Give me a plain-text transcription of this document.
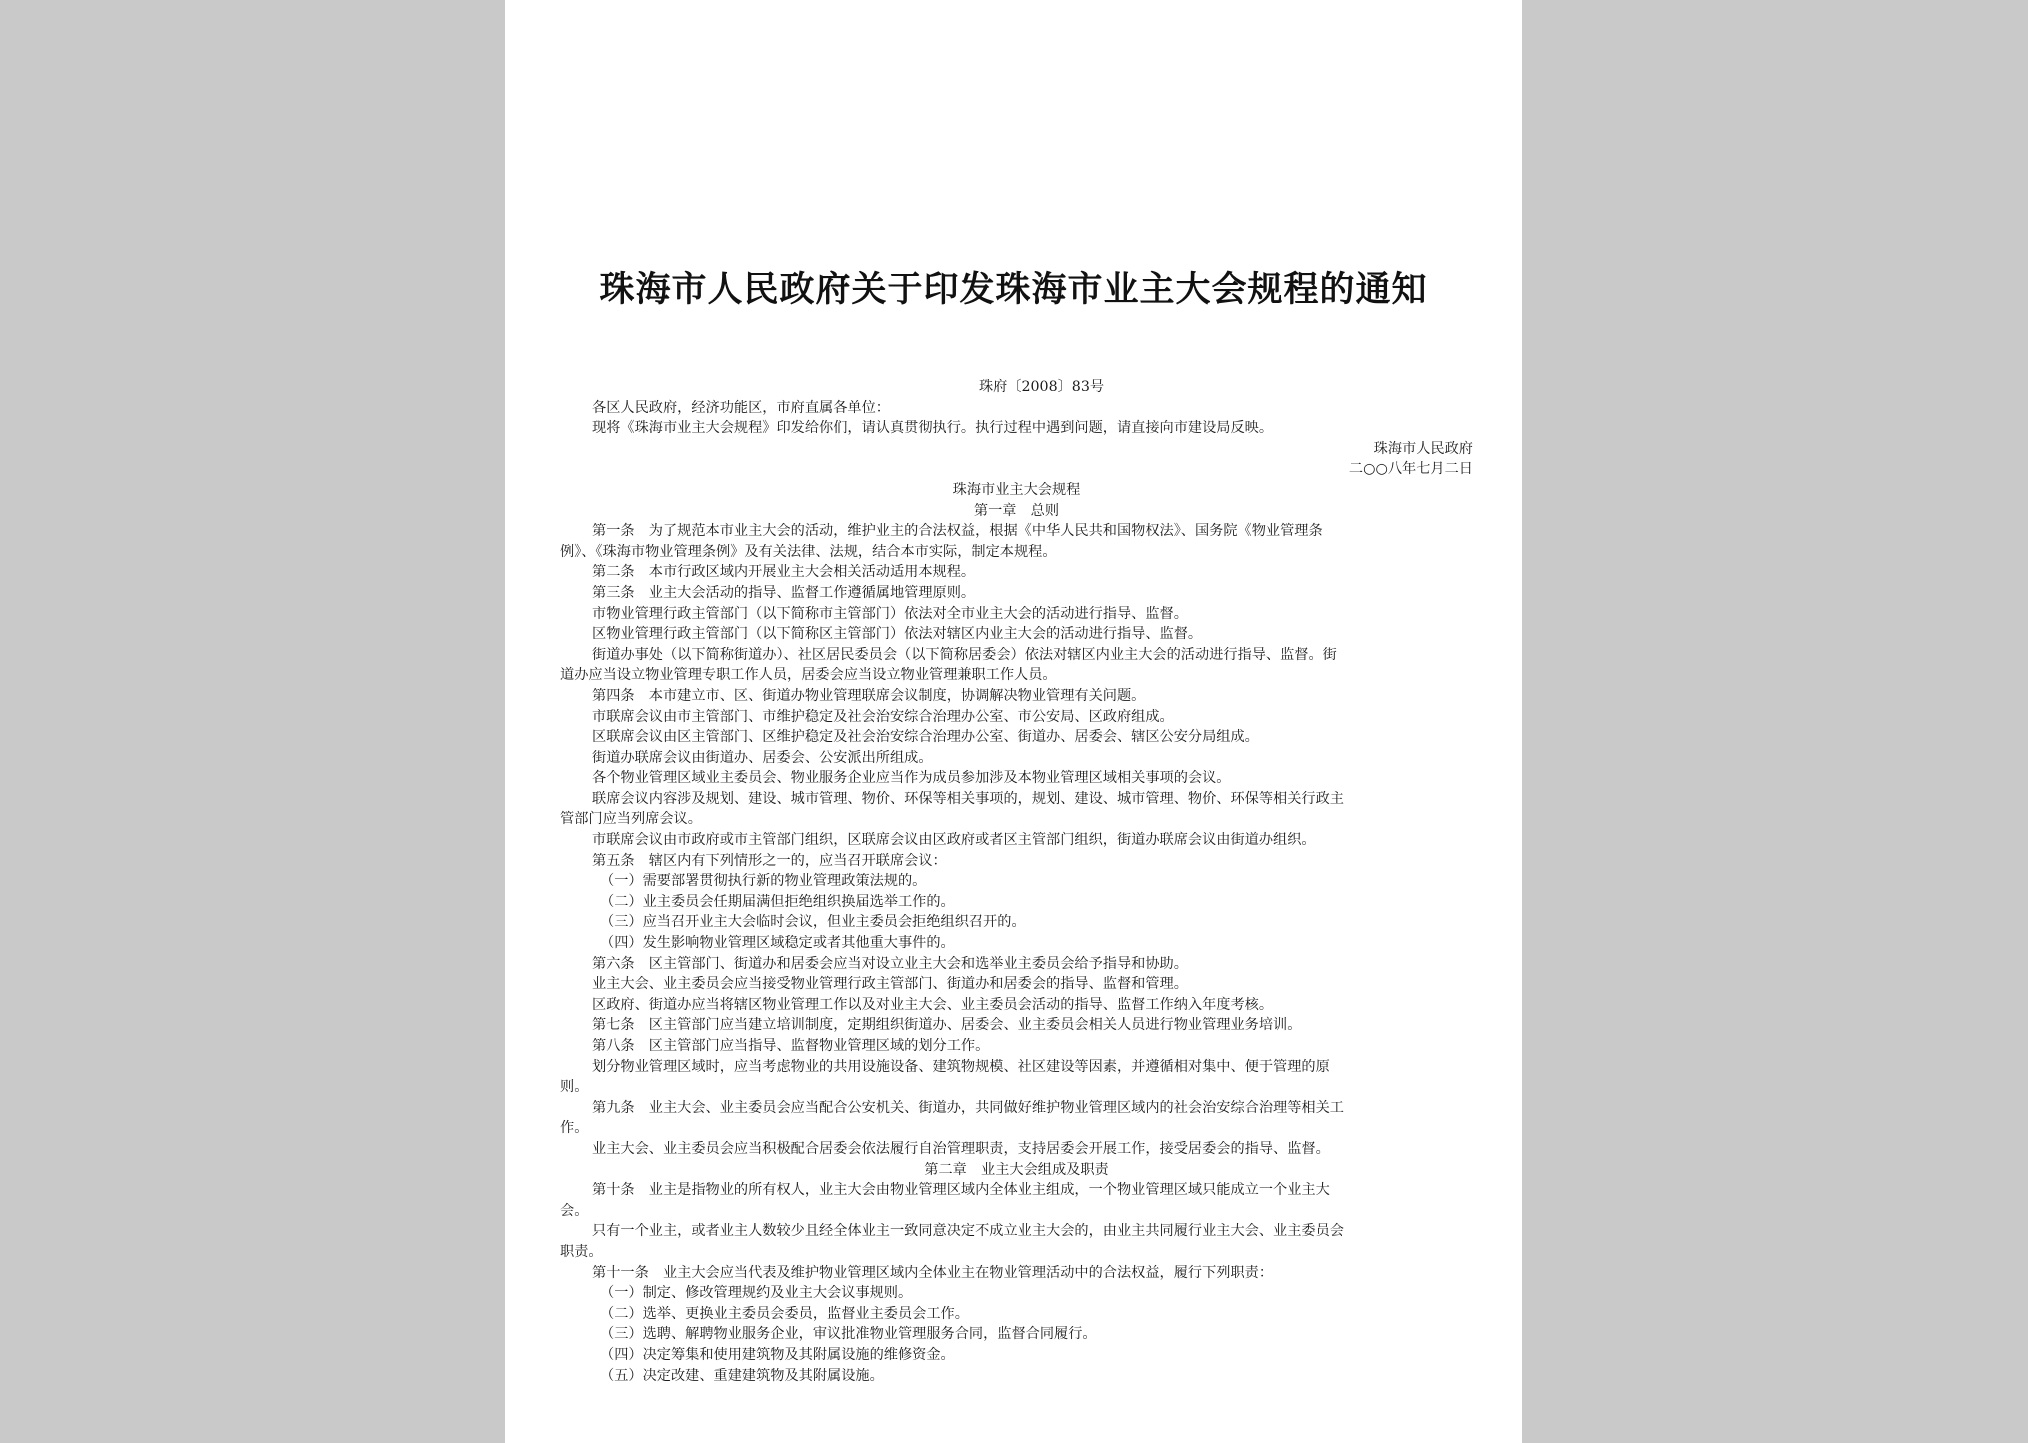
珠海市人民政府关于印发珠海市业主大会规程的通知
珠府〔2008〕83号
各区人民政府，经济功能区，市府直属各单位：
现将《珠海市业主大会规程》印发给你们，请认真贯彻执行。执行过程中遇到问题，请直接向市建设局反映。
珠海市人民政府
二○○八年七月二日
珠海市业主大会规程
第一章　总则
第一条　为了规范本市业主大会的活动，维护业主的合法权益，根据《中华人民共和国物权法》、国务院《物业管理条
例》、《珠海市物业管理条例》及有关法律、法规，结合本市实际，制定本规程。
第二条　本市行政区域内开展业主大会相关活动适用本规程。
第三条　业主大会活动的指导、监督工作遵循属地管理原则。
市物业管理行政主管部门（以下简称市主管部门）依法对全市业主大会的活动进行指导、监督。
区物业管理行政主管部门（以下简称区主管部门）依法对辖区内业主大会的活动进行指导、监督。
街道办事处（以下简称街道办）、社区居民委员会（以下简称居委会）依法对辖区内业主大会的活动进行指导、监督。街
道办应当设立物业管理专职工作人员，居委会应当设立物业管理兼职工作人员。
第四条　本市建立市、区、街道办物业管理联席会议制度，协调解决物业管理有关问题。
市联席会议由市主管部门、市维护稳定及社会治安综合治理办公室、市公安局、区政府组成。
区联席会议由区主管部门、区维护稳定及社会治安综合治理办公室、街道办、居委会、辖区公安分局组成。
街道办联席会议由街道办、居委会、公安派出所组成。
各个物业管理区域业主委员会、物业服务企业应当作为成员参加涉及本物业管理区域相关事项的会议。
联席会议内容涉及规划、建设、城市管理、物价、环保等相关事项的，规划、建设、城市管理、物价、环保等相关行政主
管部门应当列席会议。
市联席会议由市政府或市主管部门组织，区联席会议由区政府或者区主管部门组织，街道办联席会议由街道办组织。
第五条　辖区内有下列情形之一的，应当召开联席会议：
（一）需要部署贯彻执行新的物业管理政策法规的。
（二）业主委员会任期届满但拒绝组织换届选举工作的。
（三）应当召开业主大会临时会议，但业主委员会拒绝组织召开的。
（四）发生影响物业管理区域稳定或者其他重大事件的。
第六条　区主管部门、街道办和居委会应当对设立业主大会和选举业主委员会给予指导和协助。
业主大会、业主委员会应当接受物业管理行政主管部门、街道办和居委会的指导、监督和管理。
区政府、街道办应当将辖区物业管理工作以及对业主大会、业主委员会活动的指导、监督工作纳入年度考核。
第七条　区主管部门应当建立培训制度，定期组织街道办、居委会、业主委员会相关人员进行物业管理业务培训。
第八条　区主管部门应当指导、监督物业管理区域的划分工作。
划分物业管理区域时，应当考虑物业的共用设施设备、建筑物规模、社区建设等因素，并遵循相对集中、便于管理的原
则。
第九条　业主大会、业主委员会应当配合公安机关、街道办，共同做好维护物业管理区域内的社会治安综合治理等相关工
作。
业主大会、业主委员会应当积极配合居委会依法履行自治管理职责，支持居委会开展工作，接受居委会的指导、监督。
第二章　业主大会组成及职责
第十条　业主是指物业的所有权人，业主大会由物业管理区域内全体业主组成，一个物业管理区域只能成立一个业主大
会。
只有一个业主，或者业主人数较少且经全体业主一致同意决定不成立业主大会的，由业主共同履行业主大会、业主委员会
职责。
第十一条　业主大会应当代表及维护物业管理区域内全体业主在物业管理活动中的合法权益，履行下列职责：
（一）制定、修改管理规约及业主大会议事规则。
（二）选举、更换业主委员会委员，监督业主委员会工作。
（三）选聘、解聘物业服务企业，审议批准物业管理服务合同，监督合同履行。
（四）决定筹集和使用建筑物及其附属设施的维修资金。
（五）决定改建、重建建筑物及其附属设施。
